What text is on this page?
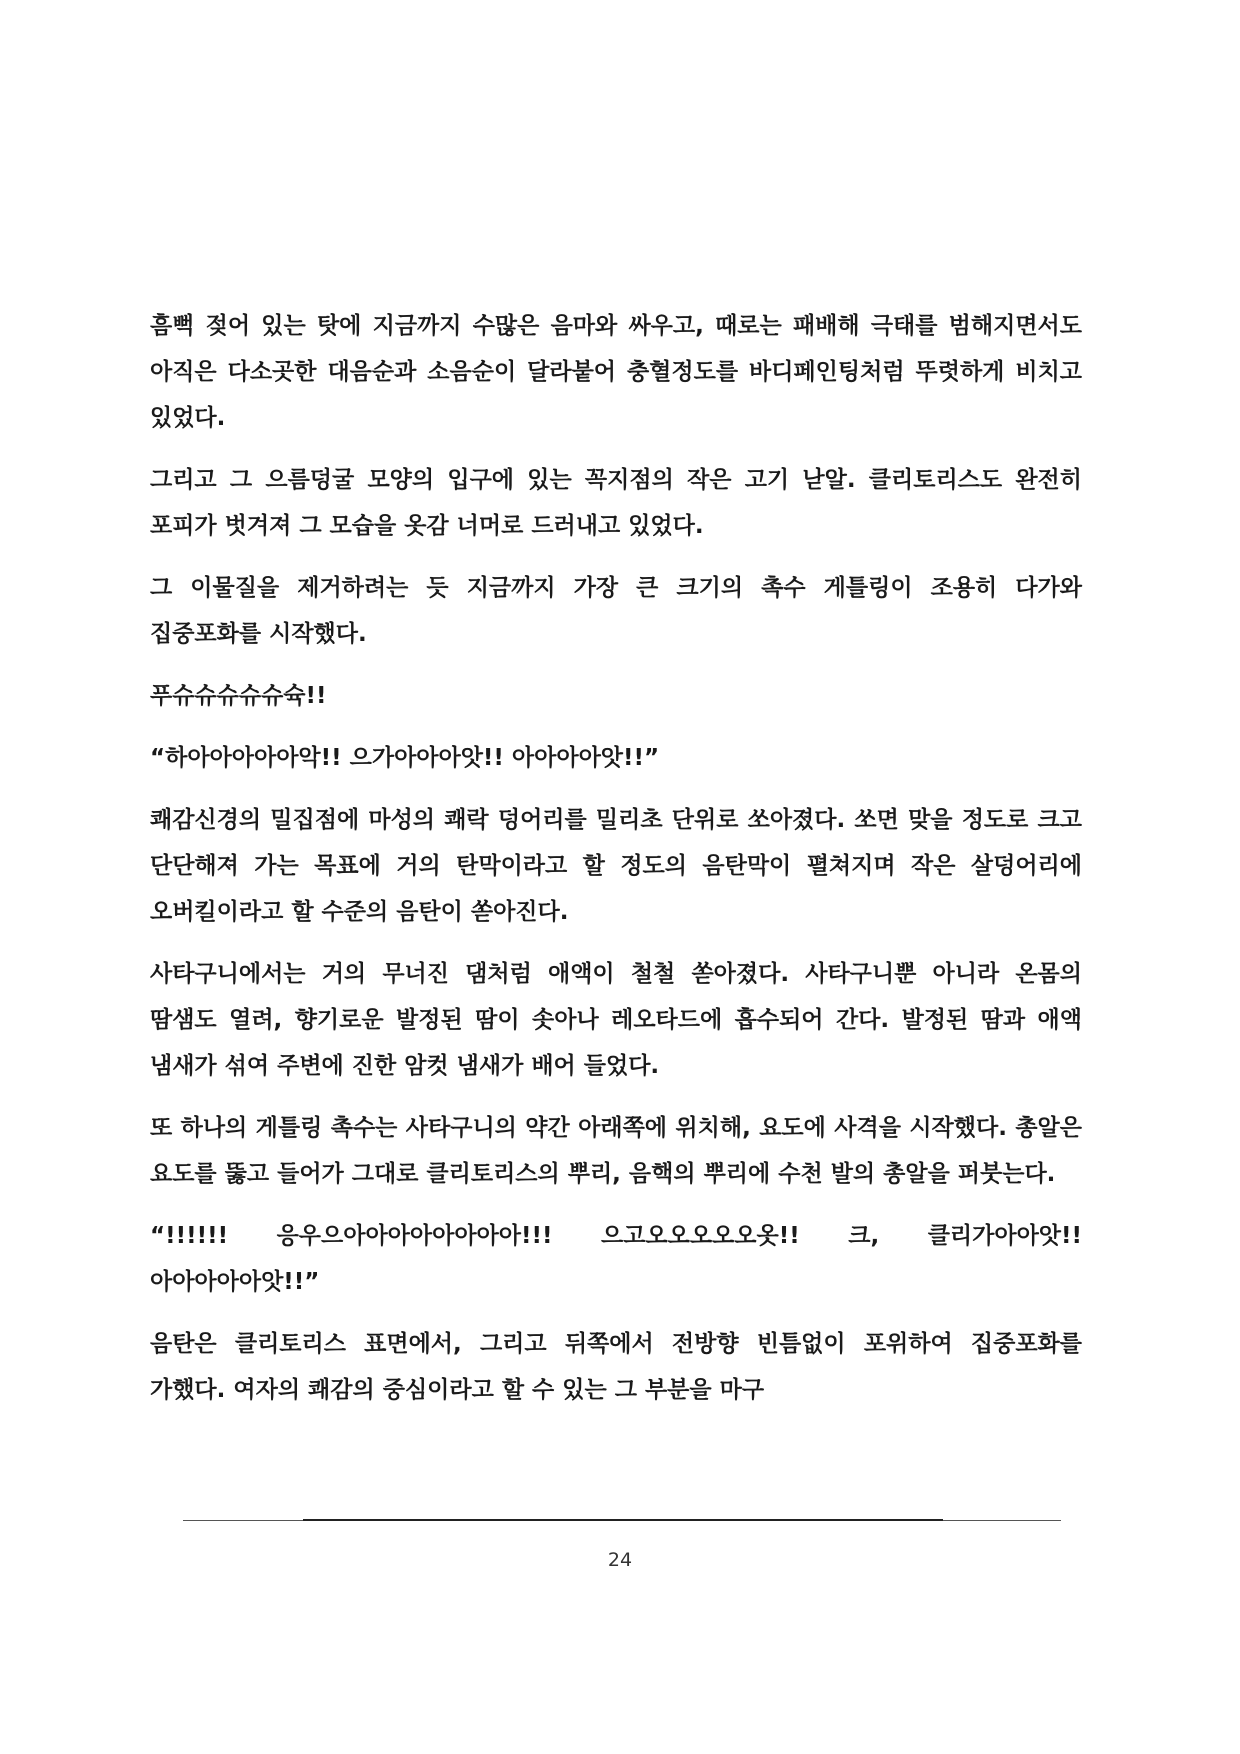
흠뻑 젖어 있는 탓에 지금까지 수많은 음마와 싸우고, 때로는 패배해 극태를 범해지면서도 아직은 다소곳한 대음순과 소음순이 달라붙어 충혈정도를 바디페인팅처럼 뚜렷하게 비치고 있었다.

그리고 그 으름덩굴 모양의 입구에 있는 꼭지점의 작은 고기 낟알. 클리토리스도 완전히 포피가 벗겨져 그 모습을 옷감 너머로 드러내고 있었다.

그 이물질을 제거하려는 듯 지금까지 가장 큰 크기의 촉수 게틀링이 조용히 다가와 집중포화를 시작했다.

푸슈슈슈슈슈슉!!

“하아아아아아악!! 으가아아아앗!! 아아아아앗!!”

쾌감신경의 밀집점에 마성의 쾌락 덩어리를 밀리초 단위로 쏘아졌다. 쏘면 맞을 정도로 크고 단단해져 가는 목표에 거의 탄막이라고 할 정도의 음탄막이 펼쳐지며 작은 살덩어리에 오버킬이라고 할 수준의 음탄이 쏟아진다.

사타구니에서는 거의 무너진 댐처럼 애액이 철철 쏟아졌다. 사타구니뿐 아니라 온몸의 땀샘도 열려, 향기로운 발정된 땀이 솟아나 레오타드에 흡수되어 간다. 발정된 땀과 애액 냄새가 섞여 주변에 진한 암컷 냄새가 배어 들었다.

또 하나의 게틀링 촉수는 사타구니의 약간 아래쪽에 위치해, 요도에 사격을 시작했다. 총알은 요도를 뚫고 들어가 그대로 클리토리스의 뿌리, 음핵의 뿌리에 수천 발의 총알을 퍼붓는다.

“!!!!!! 응우으아아아아아아아아!!! 으고오오오오오옷!! 크, 클리가아아앗!! 아아아아아앗!!”

음탄은 클리토리스 표면에서, 그리고 뒤쪽에서 전방향 빈틈없이 포위하여 집중포화를 가했다. 여자의 쾌감의 중심이라고 할 수 있는 그 부분을 마구

24
